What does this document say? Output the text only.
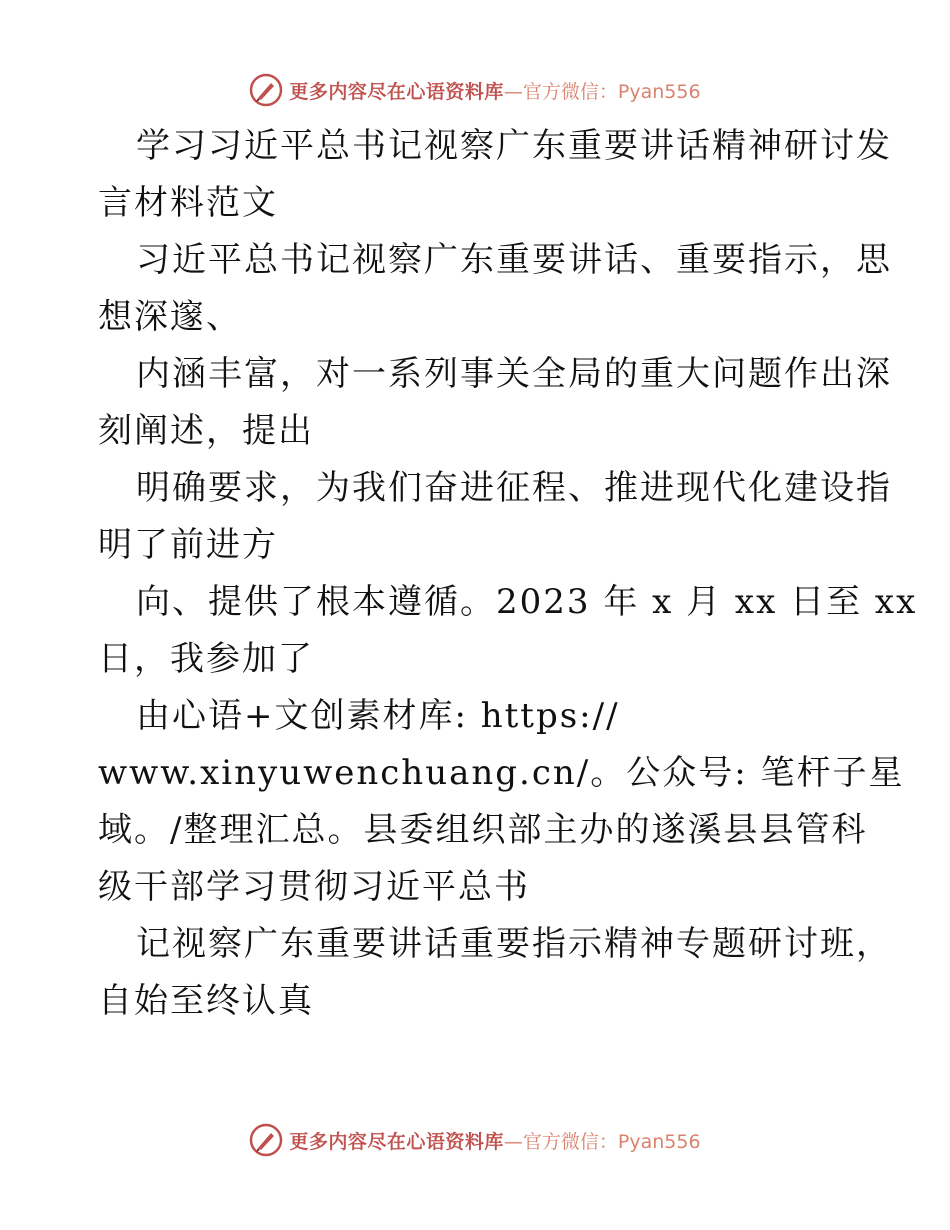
更多内容尽在心语资料库 —官方微信：Pyan556
学习习近平总书记视察广东重要讲话精神研讨发
言材料范文
习近平总书记视察广东重要讲话、重要指示，思
想深邃、
内涵丰富，对一系列事关全局的重大问题作出深
刻阐述，提出
明确要求，为我们奋进征程、推进现代化建设指
明了前进方
向、提供了根本遵循。2023 年 x 月 xx 日至 xx
日，我参加了
由心语+文创素材库: https://
www.xinyuwenchuang.cn/。公众号: 笔杆子星
域。/整理汇总。县委组织部主办的遂溪县县管科
级干部学习贯彻习近平总书
记视察广东重要讲话重要指示精神专题研讨班，
自始至终认真
更多内容尽在心语资料库 —官方微信：Pyan556
